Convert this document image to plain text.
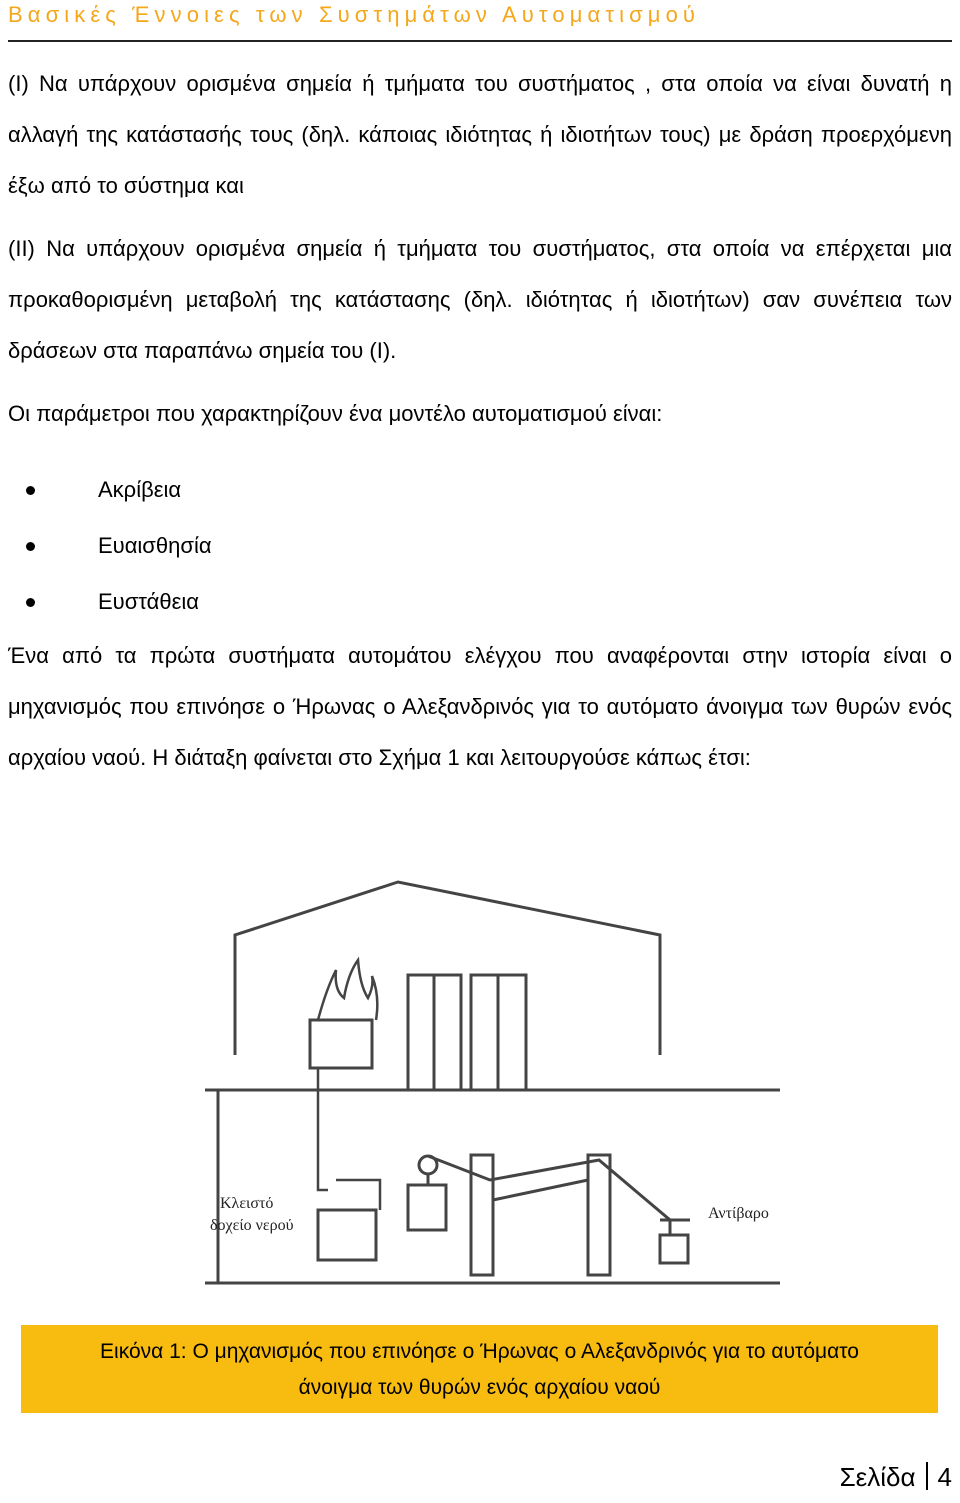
Βασικές Έννοιες των Συστημάτων Αυτοματισμού

(I) Να υπάρχουν ορισμένα σημεία ή τμήματα του συστήματος , στα οποία να είναι δυνατή η αλλαγή της κατάστασής τους (δηλ. κάποιας ιδιότητας ή ιδιοτήτων τους) με δράση προερχόμενη έξω από το σύστημα και

(II) Να υπάρχουν ορισμένα σημεία ή τμήματα του συστήματος, στα οποία να επέρχεται μια προκαθορισμένη μεταβολή της κατάστασης (δηλ. ιδιότητας ή ιδιοτήτων) σαν συνέπεια των δράσεων στα παραπάνω σημεία του (I).

Οι παράμετροι που χαρακτηρίζουν ένα μοντέλο αυτοματισμού είναι:

Ακρίβεια
Ευαισθησία
Ευστάθεια

Ένα από τα πρώτα συστήματα αυτομάτου ελέγχου που αναφέρονται στην ιστορία είναι ο μηχανισμός που επινόησε ο Ήρωνας ο Αλεξανδρινός για το αυτόματο άνοιγμα των θυρών ενός αρχαίου ναού. Η διάταξη φαίνεται στο Σχήμα 1 και λειτουργούσε κάπως έτσι:

Κλειστό
δοχείο νερού
Αντίβαρο
Εικόνα 1: Ο μηχανισμός που επινόησε ο Ήρωνας ο Αλεξανδρινός για το αυτόματο
άνοιγμα των θυρών ενός αρχαίου ναού
Σελίδα 4
